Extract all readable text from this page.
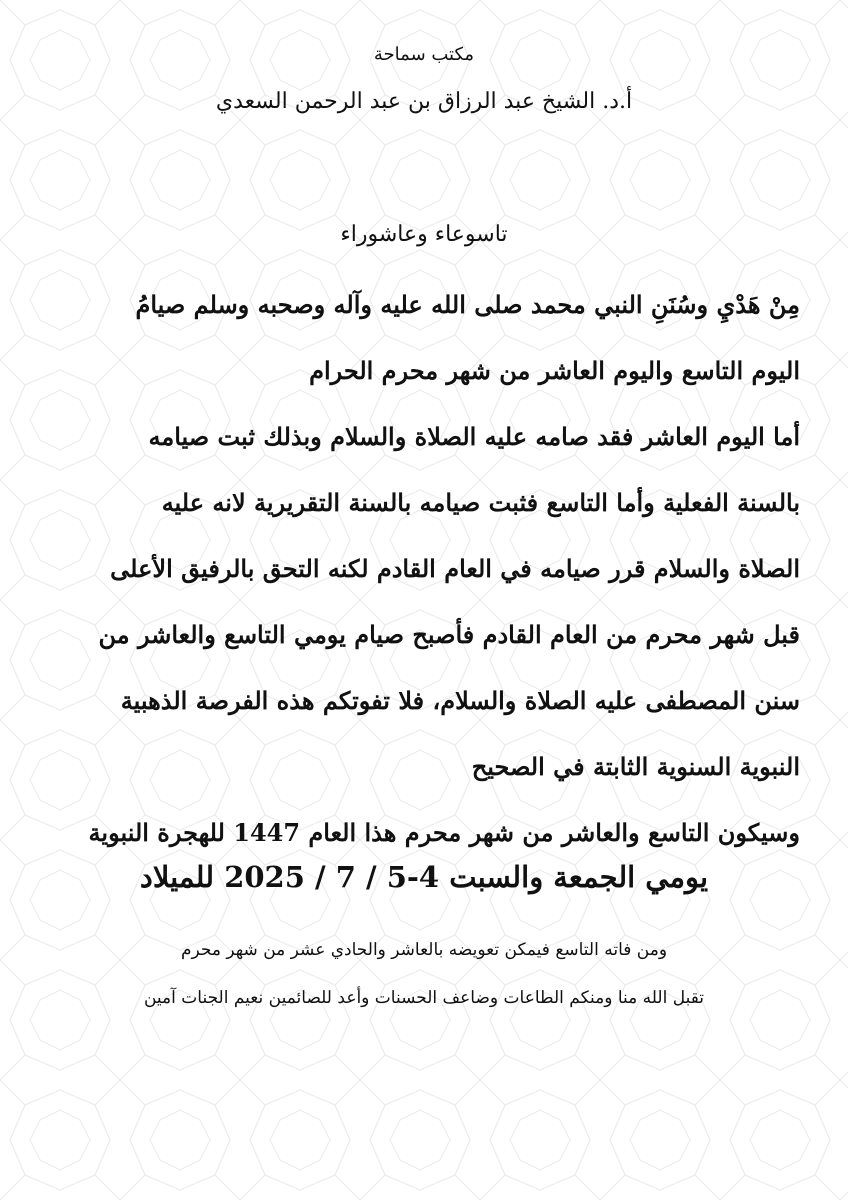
مكتب سماحة
أ.د. الشيخ عبد الرزاق بن عبد الرحمن السعدي
تاسوعاء وعاشوراء
مِنْ هَدْيِ وسُنَنِ النبي محمد صلى الله عليه وآله وصحبه وسلم صيامُ
اليوم التاسع واليوم العاشر من شهر محرم الحرام
أما اليوم العاشر فقد صامه عليه الصلاة والسلام وبذلك ثبت صيامه
بالسنة الفعلية وأما التاسع فثبت صيامه بالسنة التقريرية لانه عليه
الصلاة والسلام قرر صيامه في العام القادم لكنه التحق بالرفيق الأعلى
قبل شهر محرم من العام القادم فأصبح صيام يومي التاسع والعاشر من
سنن المصطفى عليه الصلاة والسلام، فلا تفوتكم هذه الفرصة الذهبية
النبوية السنوية الثابتة في الصحيح
وسيكون التاسع والعاشر من شهر محرم هذا العام 1447 للهجرة النبوية
يومي الجمعة والسبت 4-5 / 7 / 2025 للميلاد
ومن فاته التاسع فيمكن تعويضه بالعاشر والحادي عشر من شهر محرم
تقبل الله منا ومنكم الطاعات وضاعف الحسنات وأعد للصائمين نعيم الجنات آمين
